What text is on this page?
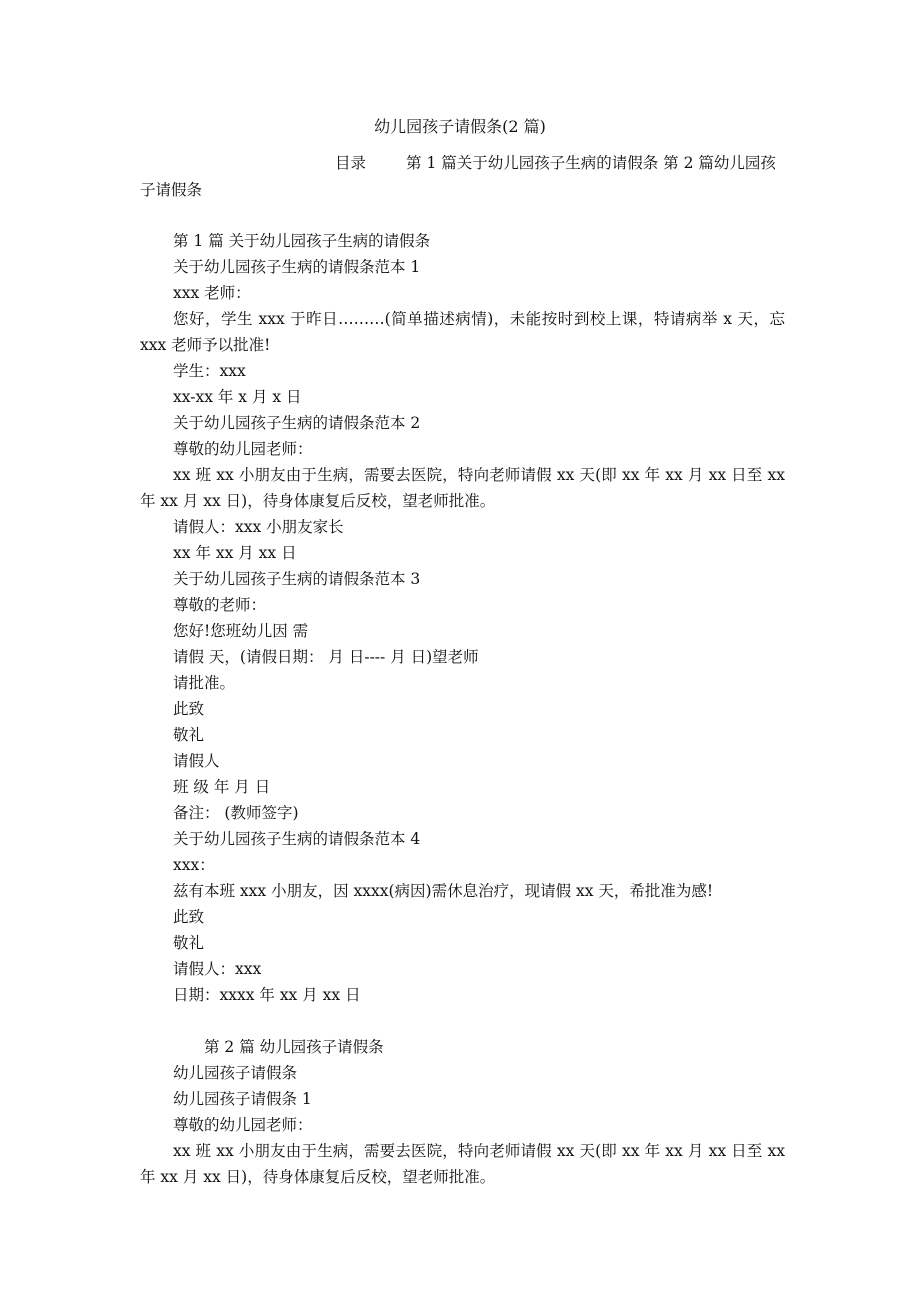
幼儿园孩子请假条(2 篇)
目录	第 1 篇关于幼儿园孩子生病的请假条 第 2 篇幼儿园孩子请假条

第 1 篇 关于幼儿园孩子生病的请假条

关于幼儿园孩子生病的请假条范本 1

xxx 老师：

您好，学生 xxx 于昨日………(简单描述病情)，未能按时到校上课，特请病举 x 天，忘 xxx 老师予以批准!

学生：xxx

xx-xx 年 x 月 x 日

关于幼儿园孩子生病的请假条范本 2

尊敬的幼儿园老师：

xx 班 xx 小朋友由于生病，需要去医院，特向老师请假 xx 天(即 xx 年 xx 月 xx 日至 xx 年 xx 月 xx 日)，待身体康复后反校，望老师批准。

请假人：xxx 小朋友家长

xx 年 xx 月 xx 日

关于幼儿园孩子生病的请假条范本 3

尊敬的老师：

您好!您班幼儿因 需

请假 天，(请假日期： 月 日---- 月 日)望老师

请批准。

此致

敬礼

请假人

班 级 年 月 日

备注： (教师签字)

关于幼儿园孩子生病的请假条范本 4

xxx：

兹有本班 xxx 小朋友，因 xxxx(病因)需休息治疗，现请假 xx 天，希批准为感!

此致

敬礼

请假人：xxx

日期：xxxx 年 xx 月 xx 日

第 2 篇 幼儿园孩子请假条

幼儿园孩子请假条

幼儿园孩子请假条 1

尊敬的幼儿园老师：

xx 班 xx 小朋友由于生病，需要去医院，特向老师请假 xx 天(即 xx 年 xx 月 xx 日至 xx 年 xx 月 xx 日)，待身体康复后反校，望老师批准。
